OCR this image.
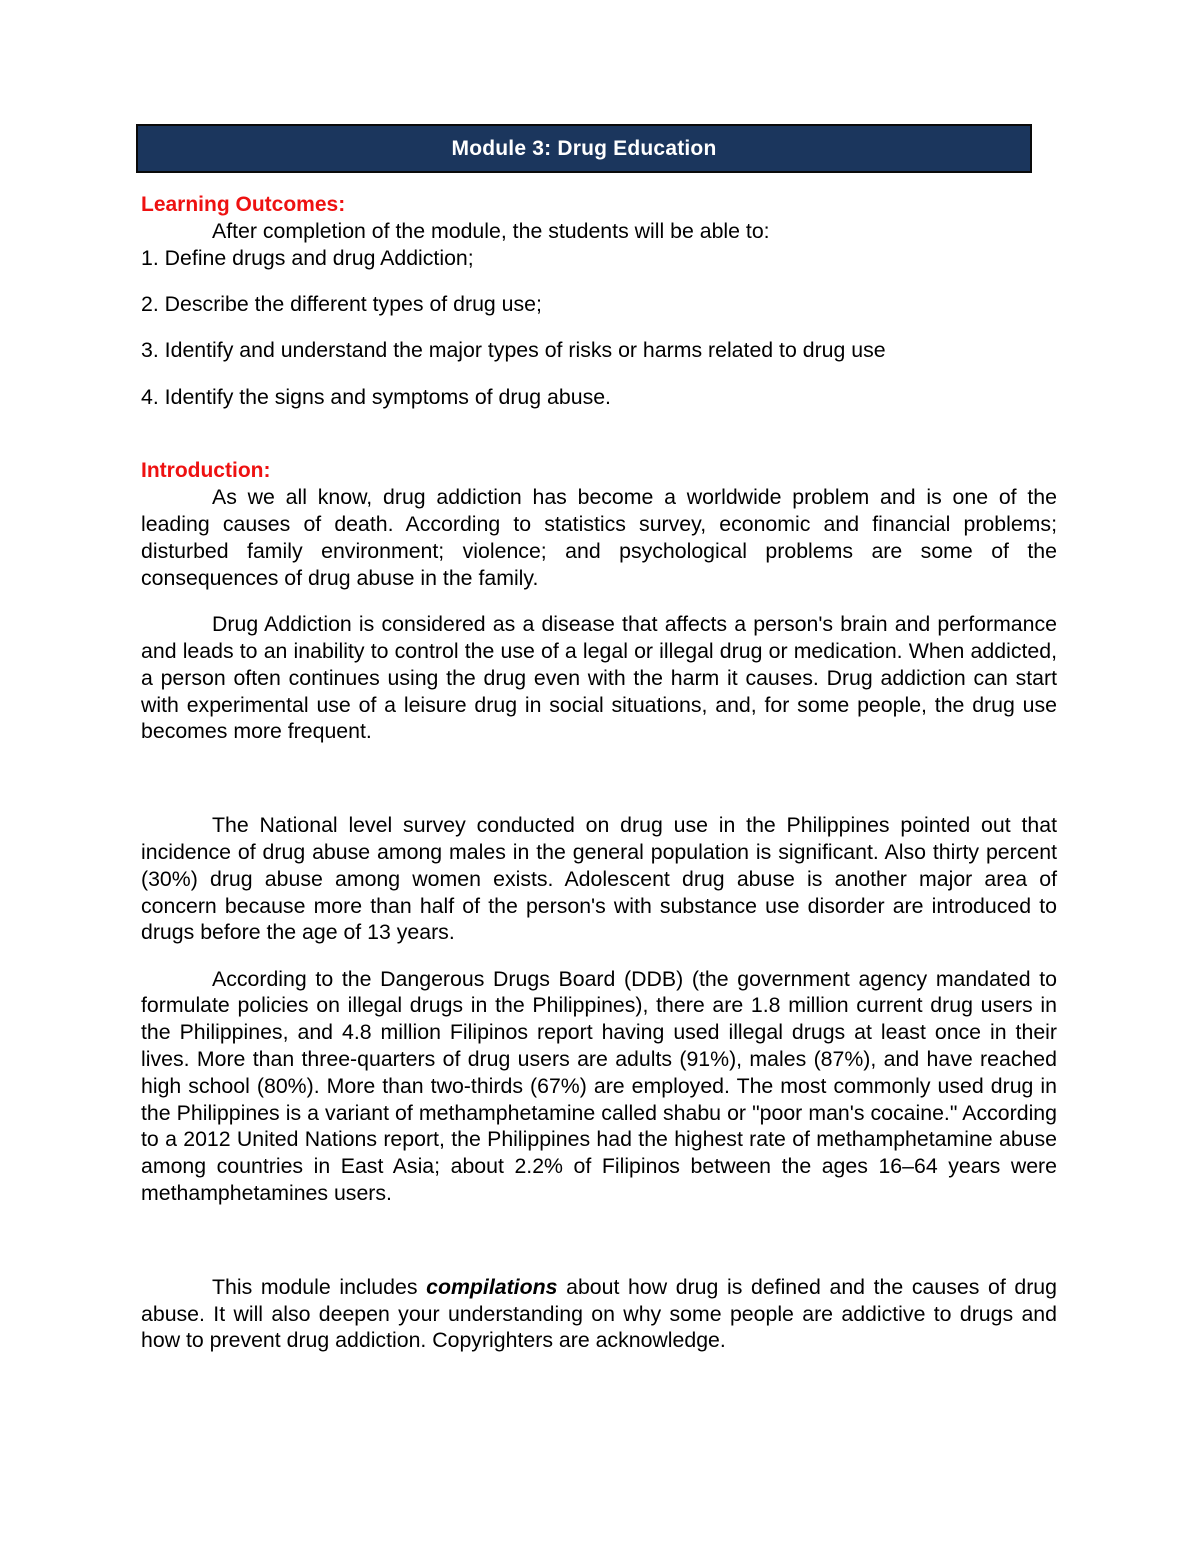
Module 3: Drug Education

Learning Outcomes:

After completion of the module, the students will be able to:

1. Define drugs and drug Addiction;

2. Describe the different types of drug use;

3. Identify and understand the major types of risks or harms related to drug use

4. Identify the signs and symptoms of drug abuse.

Introduction:

As we all know, drug addiction has become a worldwide problem and is one of the leading causes of death. According to statistics survey, economic and financial problems; disturbed family environment; violence; and psychological problems are some of the consequences of drug abuse in the family.

Drug Addiction is considered as a disease that affects a person's brain and performance and leads to an inability to control the use of a legal or illegal drug or medication. When addicted, a person often continues using the drug even with the harm it causes. Drug addiction can start with experimental use of a leisure drug in social situations, and, for some people, the drug use becomes more frequent.

The National level survey conducted on drug use in the Philippines pointed out that incidence of drug abuse among males in the general population is significant. Also thirty percent (30%) drug abuse among women exists. Adolescent drug abuse is another major area of concern because more than half of the person's with substance use disorder are introduced to drugs before the age of 13 years.

According to the Dangerous Drugs Board (DDB) (the government agency mandated to formulate policies on illegal drugs in the Philippines), there are 1.8 million current drug users in the Philippines, and 4.8 million Filipinos report having used illegal drugs at least once in their lives. More than three-quarters of drug users are adults (91%), males (87%), and have reached high school (80%). More than two-thirds (67%) are employed. The most commonly used drug in the Philippines is a variant of methamphetamine called shabu or "poor man's cocaine." According to a 2012 United Nations report, the Philippines had the highest rate of methamphetamine abuse among countries in East Asia; about 2.2% of Filipinos between the ages 16–64 years were methamphetamines users.

This module includes compilations about how drug is defined and the causes of drug abuse. It will also deepen your understanding on why some people are addictive to drugs and how to prevent drug addiction. Copyrighters are acknowledge.
